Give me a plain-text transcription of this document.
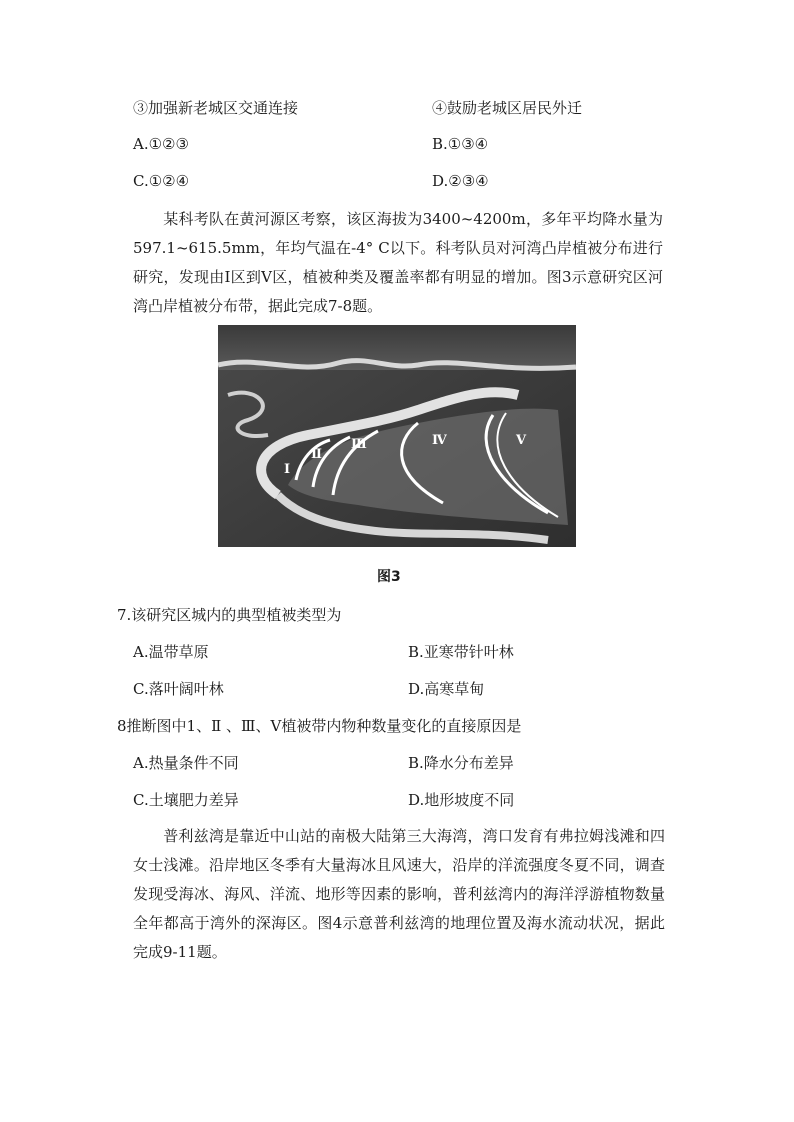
③加强新老城区交通连接	④鼓励老城区居民外迁
A.①②③	B.①③④
C.①②④	D.②③④
某科考队在黄河源区考察，该区海拔为3400~4200m，多年平均降水量为597.1~615.5mm，年均气温在-4° C以下。科考队员对河湾凸岸植被分布进行研究，发现由Ⅰ区到Ⅴ区，植被种类及覆盖率都有明显的增加。图3示意研究区河湾凸岸植被分布带，据此完成7-8题。
Ⅰ
Ⅱ
Ⅲ	Ⅳ	Ⅴ
图3
7.该研究区城内的典型植被类型为
A.温带草原	B.亚寒带针叶林
C.落叶阔叶林	D.高寒草甸
8推断图中1、Ⅱ 、Ⅲ、V植被带内物种数量变化的直接原因是
A.热量条件不同	B.降水分布差异
C.土壤肥力差异	D.地形坡度不同
普利兹湾是靠近中山站的南极大陆第三大海湾，湾口发育有弗拉姆浅滩和四女士浅滩。沿岸地区冬季有大量海冰且风速大，沿岸的洋流强度冬夏不同，调查发现受海冰、海风、洋流、地形等因素的影响，普利兹湾内的海洋浮游植物数量全年都高于湾外的深海区。图4示意普利兹湾的地理位置及海水流动状况，据此完成9-11题。
